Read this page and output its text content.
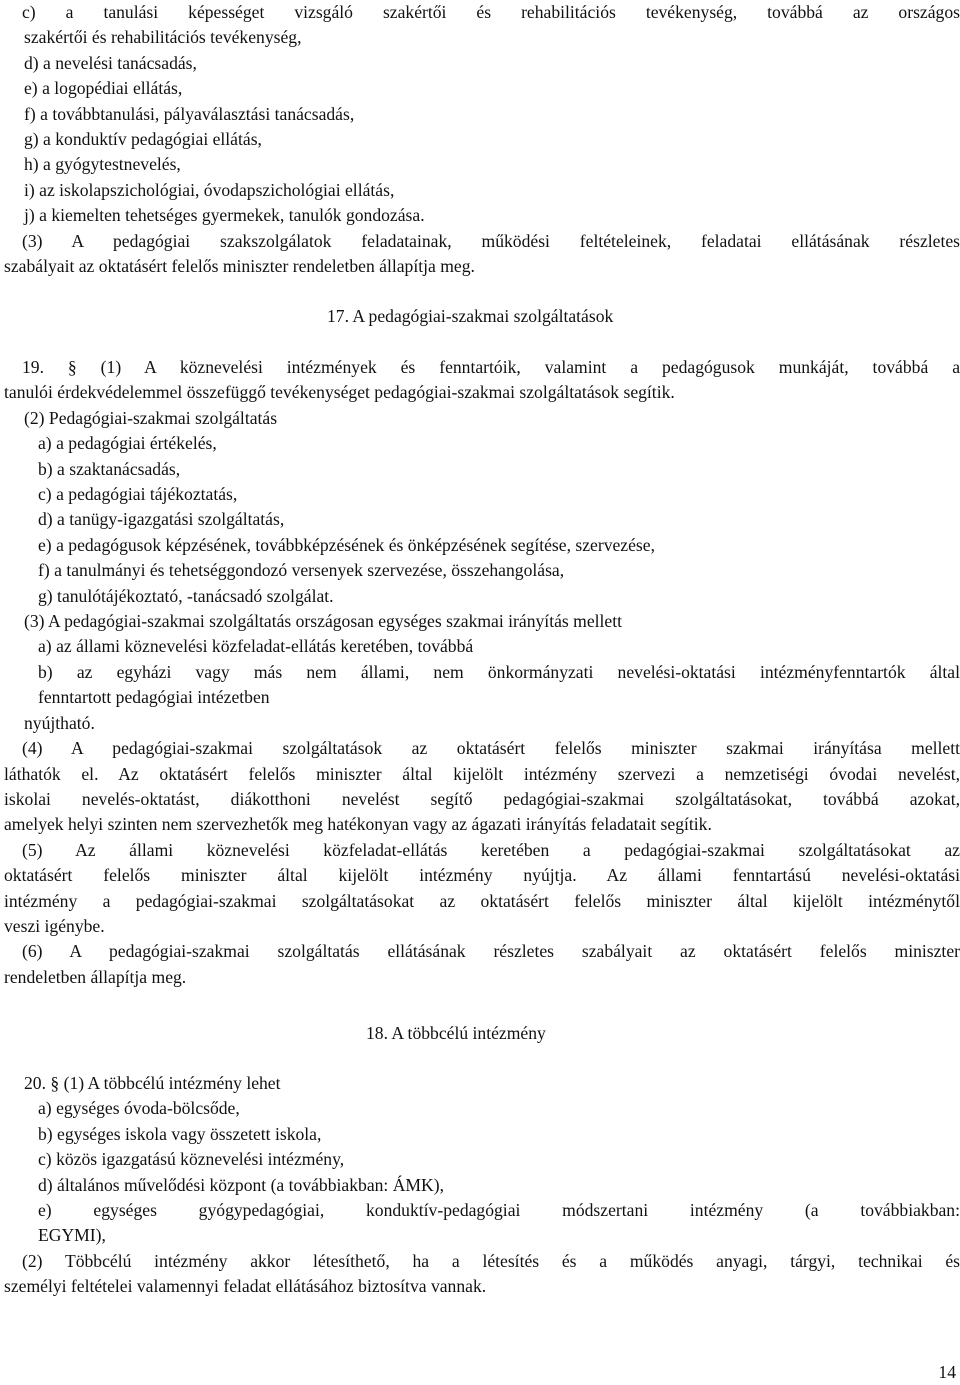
c) a tanulási képességet vizsgáló szakértői és rehabilitációs tevékenység, továbbá az országos

szakértői és rehabilitációs tevékenység,

d) a nevelési tanácsadás,

e) a logopédiai ellátás,

f) a továbbtanulási, pályaválasztási tanácsadás,

g) a konduktív pedagógiai ellátás,

h) a gyógytestnevelés,

i) az iskolapszichológiai, óvodapszichológiai ellátás,

j) a kiemelten tehetséges gyermekek, tanulók gondozása.

(3) A pedagógiai szakszolgálatok feladatainak, működési feltételeinek, feladatai ellátásának részletes

szabályait az oktatásért felelős miniszter rendeletben állapítja meg.

17. A pedagógiai-szakmai szolgáltatások

19. § (1) A köznevelési intézmények és fenntartóik, valamint a pedagógusok munkáját, továbbá a

tanulói érdekvédelemmel összefüggő tevékenységet pedagógiai-szakmai szolgáltatások segítik.

(2) Pedagógiai-szakmai szolgáltatás

a) a pedagógiai értékelés,

b) a szaktanácsadás,

c) a pedagógiai tájékoztatás,

d) a tanügy-igazgatási szolgáltatás,

e) a pedagógusok képzésének, továbbképzésének és önképzésének segítése, szervezése,

f) a tanulmányi és tehetséggondozó versenyek szervezése, összehangolása,

g) tanulótájékoztató, -tanácsadó szolgálat.

(3) A pedagógiai-szakmai szolgáltatás országosan egységes szakmai irányítás mellett

a) az állami köznevelési közfeladat-ellátás keretében, továbbá

b) az egyházi vagy más nem állami, nem önkormányzati nevelési-oktatási intézményfenntartók által

fenntartott pedagógiai intézetben

nyújtható.

(4) A pedagógiai-szakmai szolgáltatások az oktatásért felelős miniszter szakmai irányítása mellett

láthatók el. Az oktatásért felelős miniszter által kijelölt intézmény szervezi a nemzetiségi óvodai nevelést,

iskolai nevelés-oktatást, diákotthoni nevelést segítő pedagógiai-szakmai szolgáltatásokat, továbbá azokat,

amelyek helyi szinten nem szervezhetők meg hatékonyan vagy az ágazati irányítás feladatait segítik.

(5) Az állami köznevelési közfeladat-ellátás keretében a pedagógiai-szakmai szolgáltatásokat az

oktatásért felelős miniszter által kijelölt intézmény nyújtja. Az állami fenntartású nevelési-oktatási

intézmény a pedagógiai-szakmai szolgáltatásokat az oktatásért felelős miniszter által kijelölt intézménytől

veszi igénybe.

(6) A pedagógiai-szakmai szolgáltatás ellátásának részletes szabályait az oktatásért felelős miniszter

rendeletben állapítja meg.

18. A többcélú intézmény

20. § (1) A többcélú intézmény lehet

a) egységes óvoda-bölcsőde,

b) egységes iskola vagy összetett iskola,

c) közös igazgatású köznevelési intézmény,

d) általános művelődési központ (a továbbiakban: ÁMK),

e) egységes gyógypedagógiai, konduktív-pedagógiai módszertani intézmény (a továbbiakban:

EGYMI),

(2) Többcélú intézmény akkor létesíthető, ha a létesítés és a működés anyagi, tárgyi, technikai és

személyi feltételei valamennyi feladat ellátásához biztosítva vannak.

14
